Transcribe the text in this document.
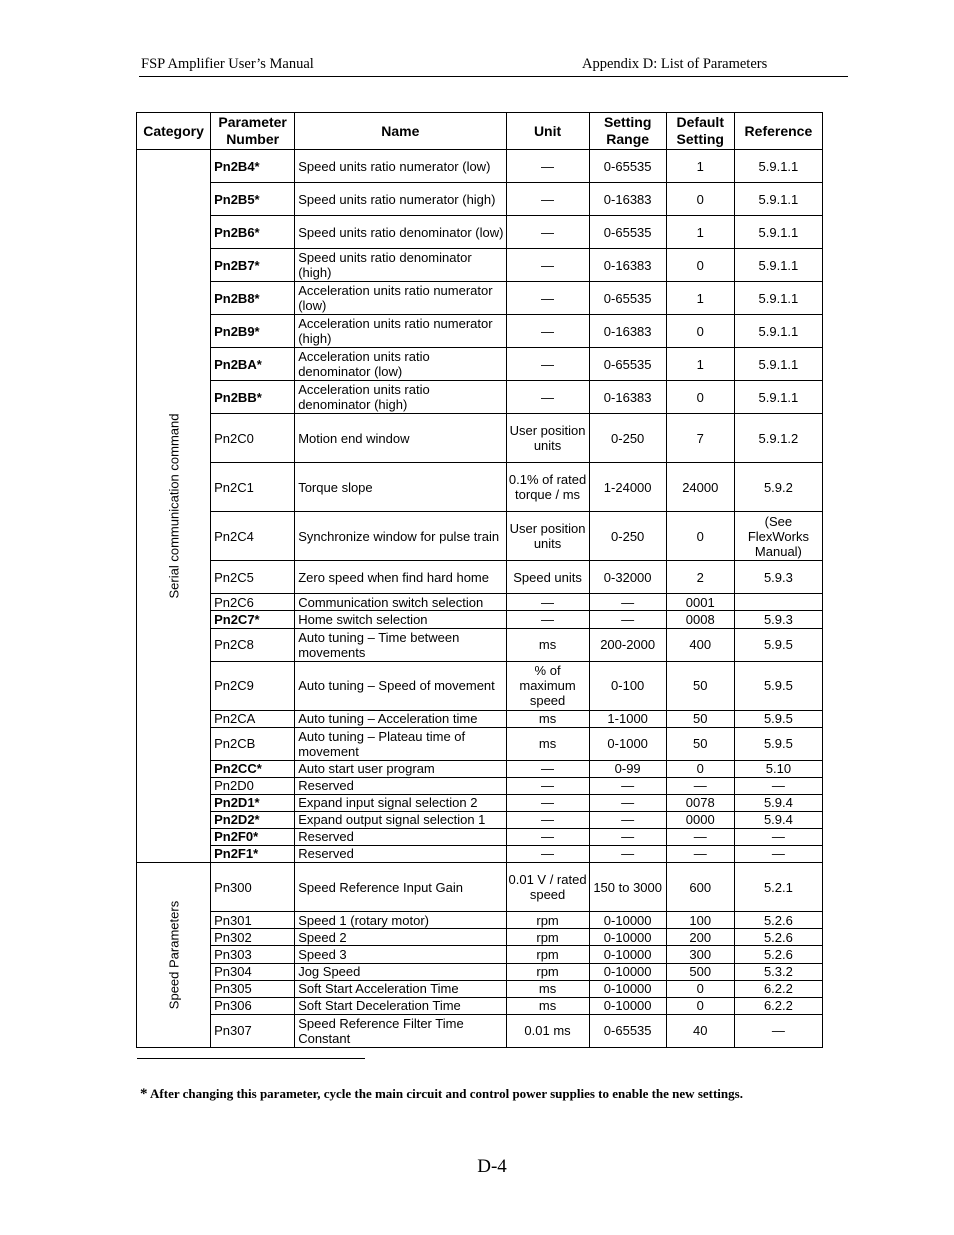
FSP Amplifier User’s Manual	Appendix D: List of Parameters
Category	Parameter Number	Name	Unit	Setting Range	Default Setting	Reference

Serial communication command	Pn2B4*	Speed units ratio numerator (low)	—	0-65535	1	5.9.1.1
	Pn2B5*	Speed units ratio numerator (high)	—	0-16383	0	5.9.1.1
	Pn2B6*	Speed units ratio denominator (low)	—	0-65535	1	5.9.1.1
	Pn2B7*	Speed units ratio denominator (high)	—	0-16383	0	5.9.1.1
	Pn2B8*	Acceleration units ratio numerator (low)	—	0-65535	1	5.9.1.1
	Pn2B9*	Acceleration units ratio numerator (high)	—	0-16383	0	5.9.1.1
	Pn2BA*	Acceleration units ratio denominator (low)	—	0-65535	1	5.9.1.1
	Pn2BB*	Acceleration units ratio denominator (high)	—	0-16383	0	5.9.1.1
	Pn2C0	Motion end window	User position units	0-250	7	5.9.1.2
	Pn2C1	Torque slope	0.1% of rated torque / ms	1-24000	24000	5.9.2
	Pn2C4	Synchronize window for pulse train	User position units	0-250	0	(See FlexWorks Manual)
	Pn2C5	Zero speed when find hard home	Speed units	0-32000	2	5.9.3
	Pn2C6	Communication switch selection	—	—	0001	
	Pn2C7*	Home switch selection	—	—	0008	5.9.3
	Pn2C8	Auto tuning – Time between movements	ms	200-2000	400	5.9.5
	Pn2C9	Auto tuning – Speed of movement	% of maximum speed	0-100	50	5.9.5
	Pn2CA	Auto tuning – Acceleration time	ms	1-1000	50	5.9.5
	Pn2CB	Auto tuning – Plateau time of movement	ms	0-1000	50	5.9.5
	Pn2CC*	Auto start user program	—	0-99	0	5.10
	Pn2D0	Reserved	—	—	—	—
	Pn2D1*	Expand input signal selection 2	—	—	0078	5.9.4
	Pn2D2*	Expand output signal selection 1	—	—	0000	5.9.4
	Pn2F0*	Reserved	—	—	—	—
	Pn2F1*	Reserved	—	—	—	—

Speed Parameters	Pn300	Speed Reference Input Gain	0.01 V / rated speed	150 to 3000	600	5.2.1
	Pn301	Speed 1 (rotary motor)	rpm	0-10000	100	5.2.6
	Pn302	Speed 2	rpm	0-10000	200	5.2.6
	Pn303	Speed 3	rpm	0-10000	300	5.2.6
	Pn304	Jog Speed	rpm	0-10000	500	5.3.2
	Pn305	Soft Start Acceleration Time	ms	0-10000	0	6.2.2
	Pn306	Soft Start Deceleration Time	ms	0-10000	0	6.2.2
	Pn307	Speed Reference Filter Time Constant	0.01 ms	0-65535	40	—
* After changing this parameter, cycle the main circuit and control power supplies to enable the new settings.
D-4
